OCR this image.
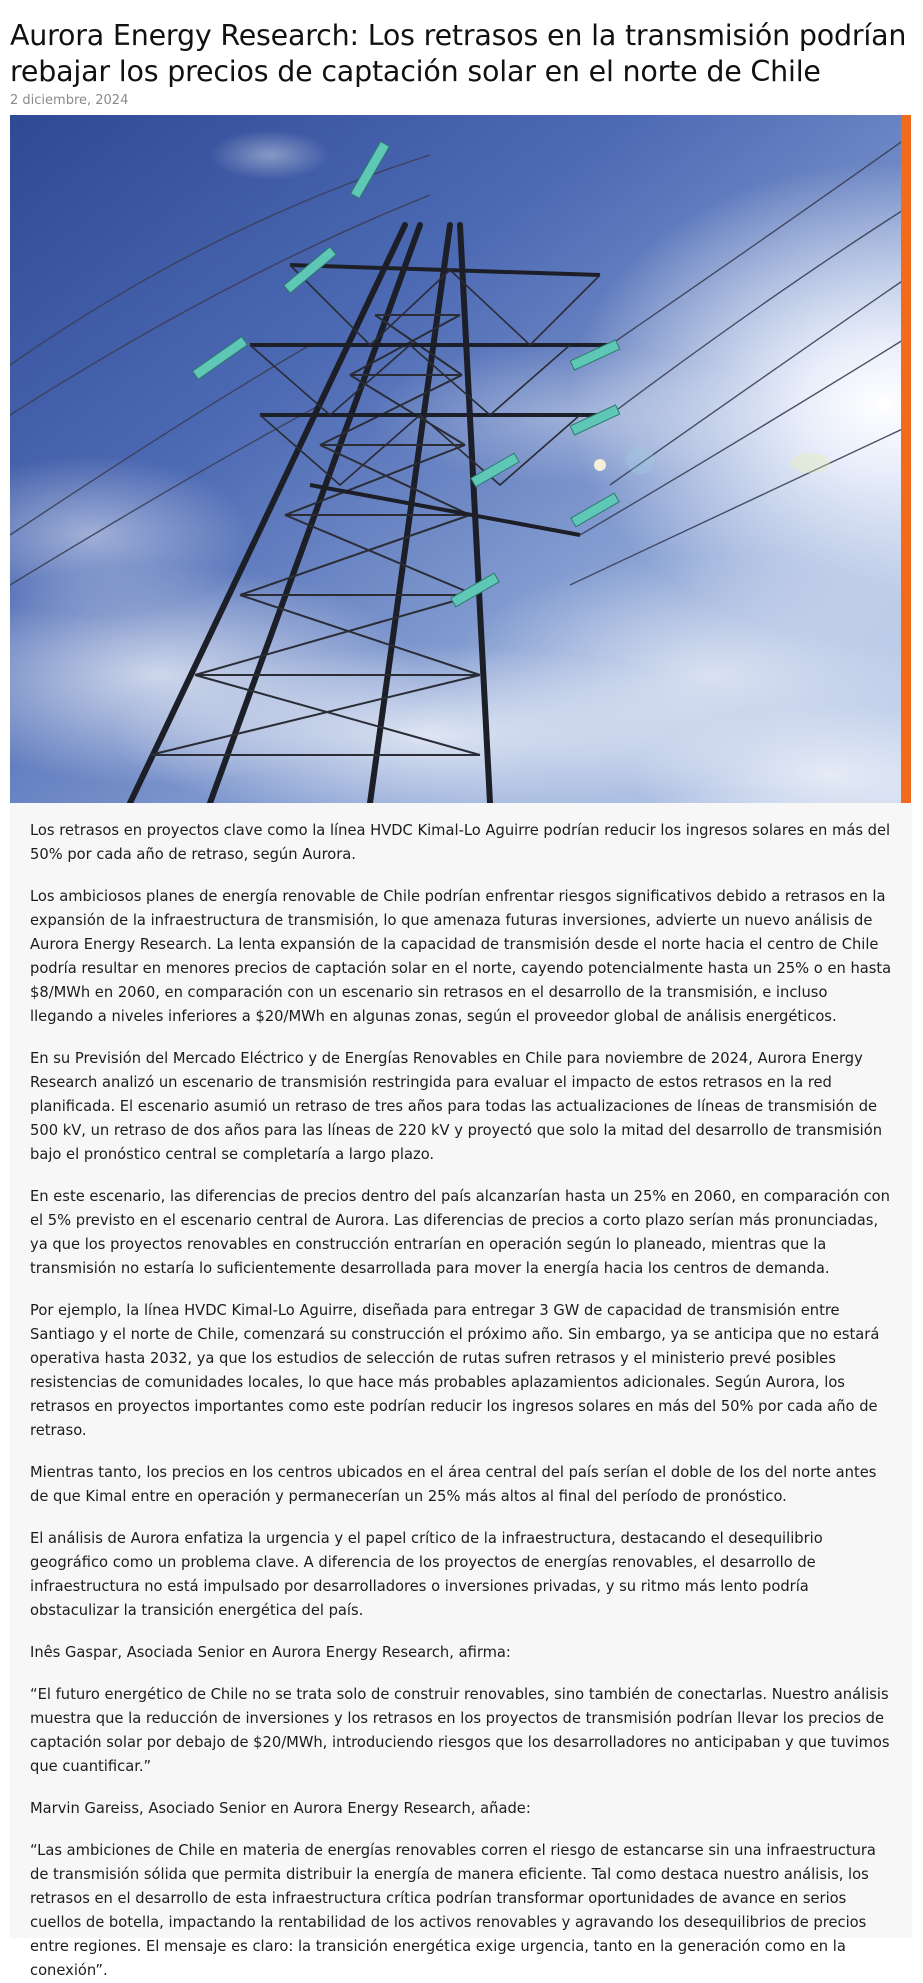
Aurora Energy Research: Los retrasos en la transmisión podrían rebajar los precios de captación solar en el norte de Chile
2 diciembre, 2024

Los retrasos en proyectos clave como la línea HVDC Kimal-Lo Aguirre podrían reducir los ingresos solares en más del 50% por cada año de retraso, según Aurora.

Los ambiciosos planes de energía renovable de Chile podrían enfrentar riesgos significativos debido a retrasos en la expansión de la infraestructura de transmisión, lo que amenaza futuras inversiones, advierte un nuevo análisis de Aurora Energy Research. La lenta expansión de la capacidad de transmisión desde el norte hacia el centro de Chile podría resultar en menores precios de captación solar en el norte, cayendo potencialmente hasta un 25% o en hasta $8/MWh en 2060, en comparación con un escenario sin retrasos en el desarrollo de la transmisión, e incluso llegando a niveles inferiores a $20/MWh en algunas zonas, según el proveedor global de análisis energéticos.

En su Previsión del Mercado Eléctrico y de Energías Renovables en Chile para noviembre de 2024, Aurora Energy Research analizó un escenario de transmisión restringida para evaluar el impacto de estos retrasos en la red planificada. El escenario asumió un retraso de tres años para todas las actualizaciones de líneas de transmisión de 500 kV, un retraso de dos años para las líneas de 220 kV y proyectó que solo la mitad del desarrollo de transmisión bajo el pronóstico central se completaría a largo plazo.

En este escenario, las diferencias de precios dentro del país alcanzarían hasta un 25% en 2060, en comparación con el 5% previsto en el escenario central de Aurora. Las diferencias de precios a corto plazo serían más pronunciadas, ya que los proyectos renovables en construcción entrarían en operación según lo planeado, mientras que la transmisión no estaría lo suficientemente desarrollada para mover la energía hacia los centros de demanda.

Por ejemplo, la línea HVDC Kimal-Lo Aguirre, diseñada para entregar 3 GW de capacidad de transmisión entre Santiago y el norte de Chile, comenzará su construcción el próximo año. Sin embargo, ya se anticipa que no estará operativa hasta 2032, ya que los estudios de selección de rutas sufren retrasos y el ministerio prevé posibles resistencias de comunidades locales, lo que hace más probables aplazamientos adicionales. Según Aurora, los retrasos en proyectos importantes como este podrían reducir los ingresos solares en más del 50% por cada año de retraso.

Mientras tanto, los precios en los centros ubicados en el área central del país serían el doble de los del norte antes de que Kimal entre en operación y permanecerían un 25% más altos al final del período de pronóstico.

El análisis de Aurora enfatiza la urgencia y el papel crítico de la infraestructura, destacando el desequilibrio geográfico como un problema clave. A diferencia de los proyectos de energías renovables, el desarrollo de infraestructura no está impulsado por desarrolladores o inversiones privadas, y su ritmo más lento podría obstaculizar la transición energética del país.

Inês Gaspar, Asociada Senior en Aurora Energy Research, afirma:

“El futuro energético de Chile no se trata solo de construir renovables, sino también de conectarlas. Nuestro análisis muestra que la reducción de inversiones y los retrasos en los proyectos de transmisión podrían llevar los precios de captación solar por debajo de $20/MWh, introduciendo riesgos que los desarrolladores no anticipaban y que tuvimos que cuantificar.”

Marvin Gareiss, Asociado Senior en Aurora Energy Research, añade:

“Las ambiciones de Chile en materia de energías renovables corren el riesgo de estancarse sin una infraestructura de transmisión sólida que permita distribuir la energía de manera eficiente. Tal como destaca nuestro análisis, los retrasos en el desarrollo de esta infraestructura crítica podrían transformar oportunidades de avance en serios cuellos de botella, impactando la rentabilidad de los activos renovables y agravando los desequilibrios de precios entre regiones. El mensaje es claro: la transición energética exige urgencia, tanto en la generación como en la conexión”.
